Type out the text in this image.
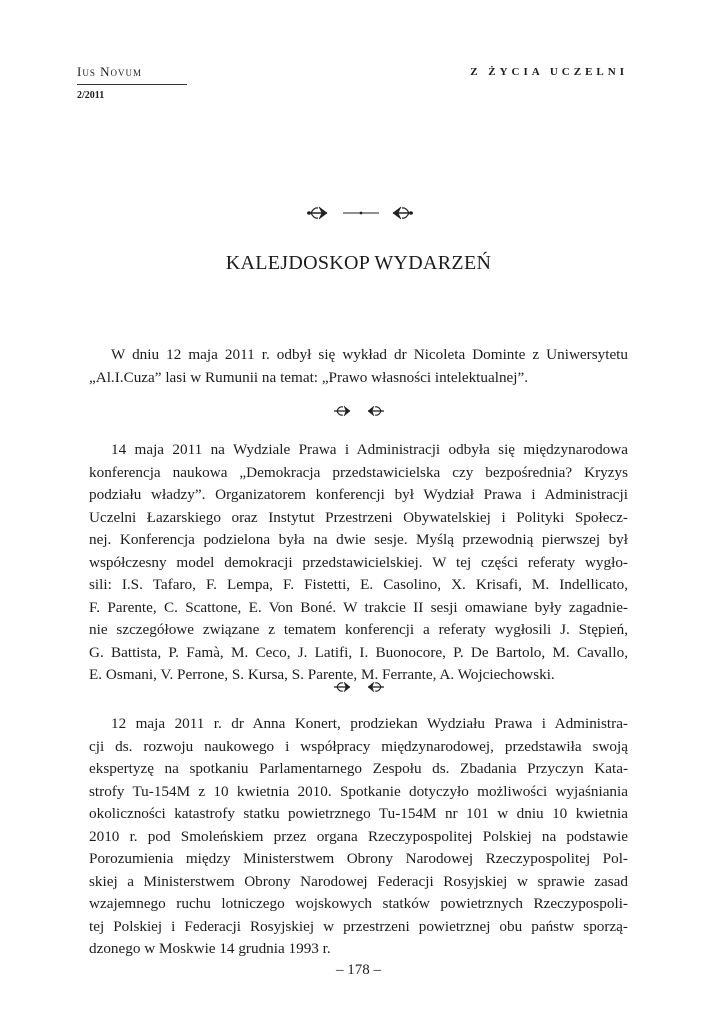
Ius Novum
2/2011
Z ŻYCIA UCZELNI
KALEJDOSKOP WYDARZEŃ
W dniu 12 maja 2011 r. odbył się wykład dr Nicoleta Dominte z Uniwersytetu
„Al.I.Cuza” lasi w Rumunii na temat: „Prawo własności intelektualnej”.
14 maja 2011 na Wydziale Prawa i Administracji odbyła się międzynarodowa
konferencja naukowa „Demokracja przedstawicielska czy bezpośrednia? Kryzys
podziału władzy”. Organizatorem konferencji był Wydział Prawa i Administracji
Uczelni Łazarskiego oraz Instytut Przestrzeni Obywatelskiej i Polityki Społecz-
nej. Konferencja podzielona była na dwie sesje. Myślą przewodnią pierwszej był
współczesny model demokracji przedstawicielskiej. W tej części referaty wygło-
sili: I.S. Tafaro, F. Lempa, F. Fistetti, E. Casolino, X. Krisafi, M. Indellicato,
F. Parente, C. Scattone, E. Von Boné. W trakcie II sesji omawiane były zagadnie-
nie szczegółowe związane z tematem konferencji a referaty wygłosili J. Stępień,
G. Battista, P. Famà, M. Ceco, J. Latifi, I. Buonocore, P. De Bartolo, M. Cavallo,
E. Osmani, V. Perrone, S. Kursa, S. Parente, M. Ferrante, A. Wojciechowski.
12 maja 2011 r. dr Anna Konert, prodziekan Wydziału Prawa i Administra-
cji ds. rozwoju naukowego i współpracy międzynarodowej, przedstawiła swoją
ekspertyzę na spotkaniu Parlamentarnego Zespołu ds. Zbadania Przyczyn Kata-
strofy Tu-154M z 10 kwietnia 2010. Spotkanie dotyczyło możliwości wyjaśniania
okoliczności katastrofy statku powietrznego Tu-154M nr 101 w dniu 10 kwietnia
2010 r. pod Smoleńskiem przez organa Rzeczypospolitej Polskiej na podstawie
Porozumienia między Ministerstwem Obrony Narodowej Rzeczypospolitej Pol-
skiej a Ministerstwem Obrony Narodowej Federacji Rosyjskiej w sprawie zasad
wzajemnego ruchu lotniczego wojskowych statków powietrznych Rzeczypospoli-
tej Polskiej i Federacji Rosyjskiej w przestrzeni powietrznej obu państw sporzą-
dzonego w Moskwie 14 grudnia 1993 r.
– 178 –
